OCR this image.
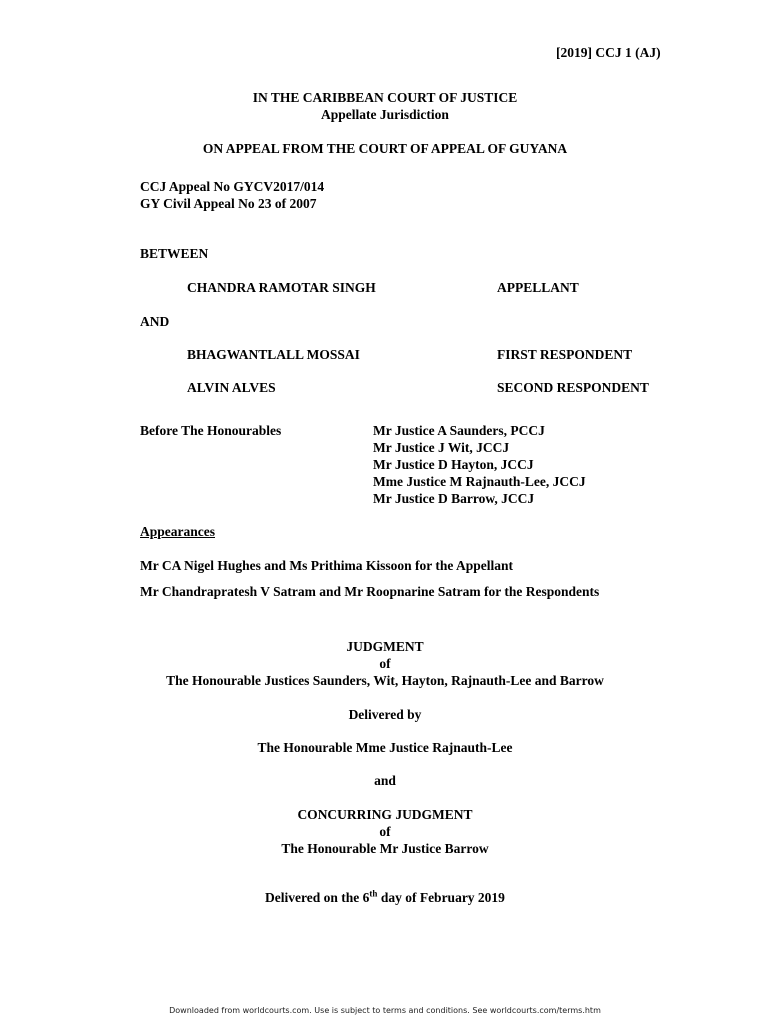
[2019] CCJ 1 (AJ)
IN THE CARIBBEAN COURT OF JUSTICE
Appellate Jurisdiction
ON APPEAL FROM THE COURT OF APPEAL OF GUYANA
CCJ Appeal No GYCV2017/014
GY Civil Appeal No 23 of 2007
BETWEEN
CHANDRA RAMOTAR SINGH	APPELLANT
AND
BHAGWANTLALL MOSSAI	FIRST RESPONDENT
ALVIN ALVES	SECOND RESPONDENT
Before The Honourables	Mr Justice A Saunders, PCCJ
Mr Justice J Wit, JCCJ
Mr Justice D Hayton, JCCJ
Mme Justice M Rajnauth-Lee, JCCJ
Mr Justice D Barrow, JCCJ
Appearances
Mr CA Nigel Hughes and Ms Prithima Kissoon for the Appellant
Mr Chandrapratesh V Satram and Mr Roopnarine Satram for the Respondents
JUDGMENT
of
The Honourable Justices Saunders, Wit, Hayton, Rajnauth-Lee and Barrow
Delivered by
The Honourable Mme Justice Rajnauth-Lee
and
CONCURRING JUDGMENT
of
The Honourable Mr Justice Barrow
Delivered on the 6th day of February 2019
Downloaded from worldcourts.com. Use is subject to terms and conditions. See worldcourts.com/terms.htm
